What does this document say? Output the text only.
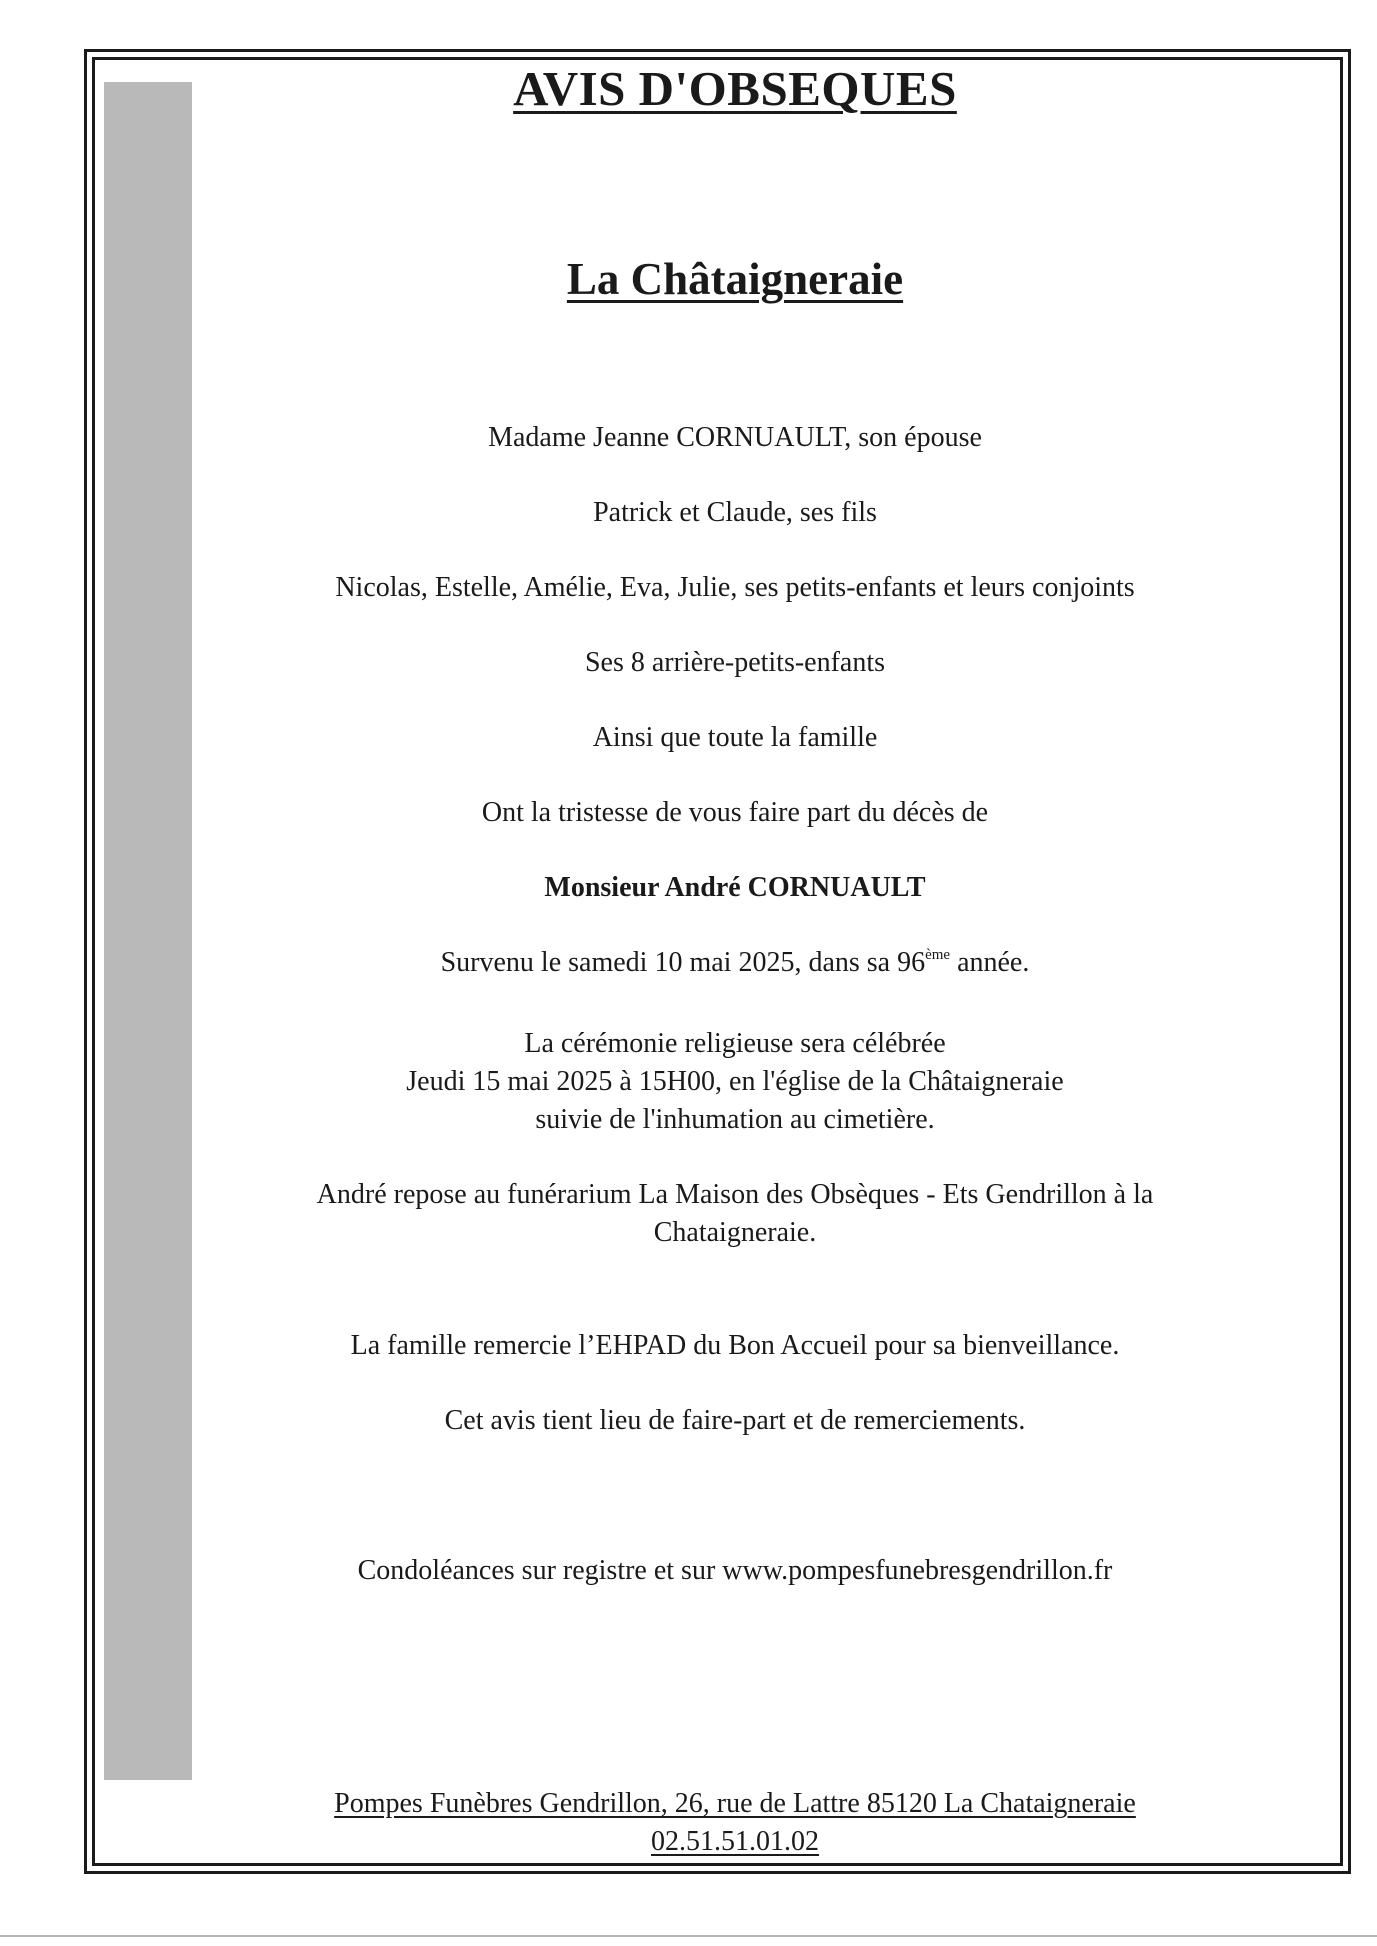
AVIS D'OBSEQUES
La Châtaigneraie
Madame Jeanne CORNUAULT, son épouse
Patrick et Claude, ses fils
Nicolas, Estelle, Amélie, Eva, Julie, ses petits-enfants et leurs conjoints
Ses 8 arrière-petits-enfants
Ainsi que toute la famille
Ont la tristesse de vous faire part du décès de
Monsieur André CORNUAULT
Survenu le samedi 10 mai 2025, dans sa 96ème année.
La cérémonie religieuse sera célébrée
Jeudi 15 mai 2025 à 15H00, en l'église de la Châtaigneraie
suivie de l'inhumation au cimetière.
André repose au funérarium La Maison des Obsèques - Ets Gendrillon à la
Chataigneraie.
La famille remercie l’EHPAD du Bon Accueil pour sa bienveillance.
Cet avis tient lieu de faire-part et de remerciements.
Condoléances sur registre et sur www.pompesfunebresgendrillon.fr
Pompes Funèbres Gendrillon, 26, rue de Lattre 85120 La Chataigneraie
02.51.51.01.02
